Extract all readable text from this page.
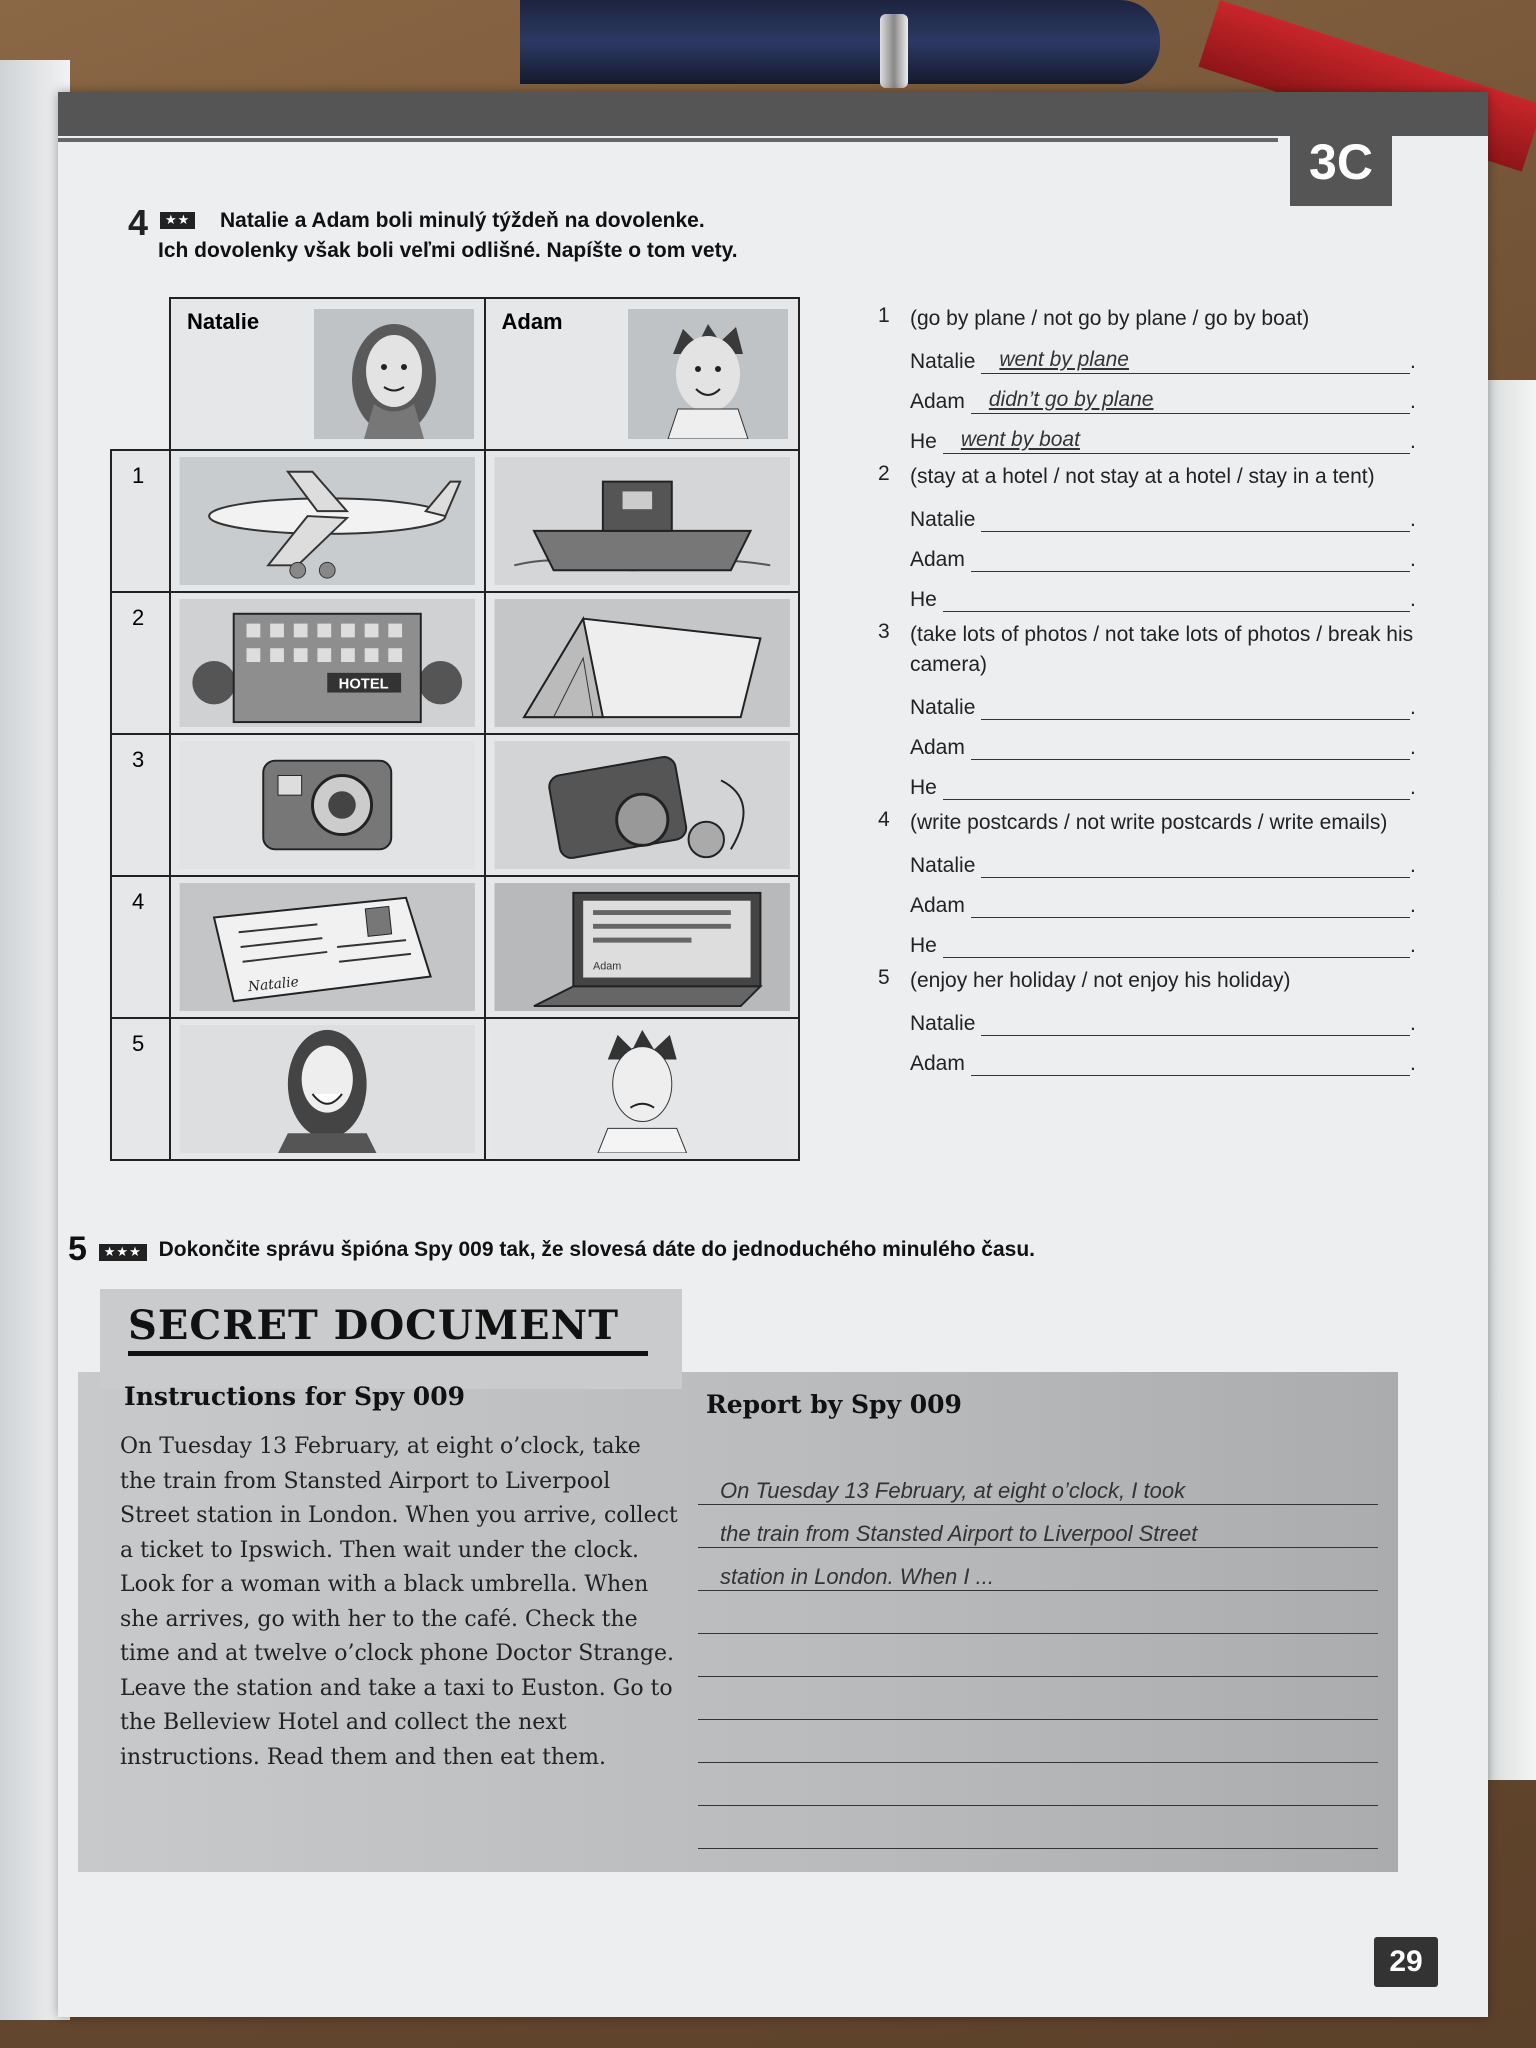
3C
4	★★ Natalie a Adam boli minulý týždeň na dovolenke.
Ich dovolenky však boli veľmi odlišné. Napíšte o tom vety.

	Natalie	Adam

1

2	HOTEL

3

4	Natalie	Adam

5

1 (go by plane / not go by plane / go by boat)
Natalie	went by plane	.
Adam	didn’t go by plane	.
He	went by boat	.
2 (stay at a hotel / not stay at a hotel / stay in a tent)
Natalie	.
Adam	.
He	.
3 (take lots of photos / not take lots of photos / break his camera)
Natalie	.
Adam	.
He	.
4 (write postcards / not write postcards / write emails)
Natalie	.
Adam	.
He	.
5 (enjoy her holiday / not enjoy his holiday)
Natalie	.
Adam	.
5 ★★★ Dokončite správu špióna Spy 009 tak, že slovesá dáte do jednoduchého minulého času.
SECRET DOCUMENT
Instructions for Spy 009	Report by Spy 009
On Tuesday 13 February, at eight o’clock, take the train from Stansted Airport to Liverpool Street station in London. When you arrive, collect a ticket to Ipswich. Then wait under the clock. Look for a woman with a black umbrella. When she arrives, go with her to the café. Check the time and at twelve o’clock phone Doctor Strange. Leave the station and take a taxi to Euston. Go to the Belleview Hotel and collect the next instructions. Read them and then eat them.
On Tuesday 13 February, at eight o’clock, I took
the train from Stansted Airport to Liverpool Street
station in London. When I ...
29
